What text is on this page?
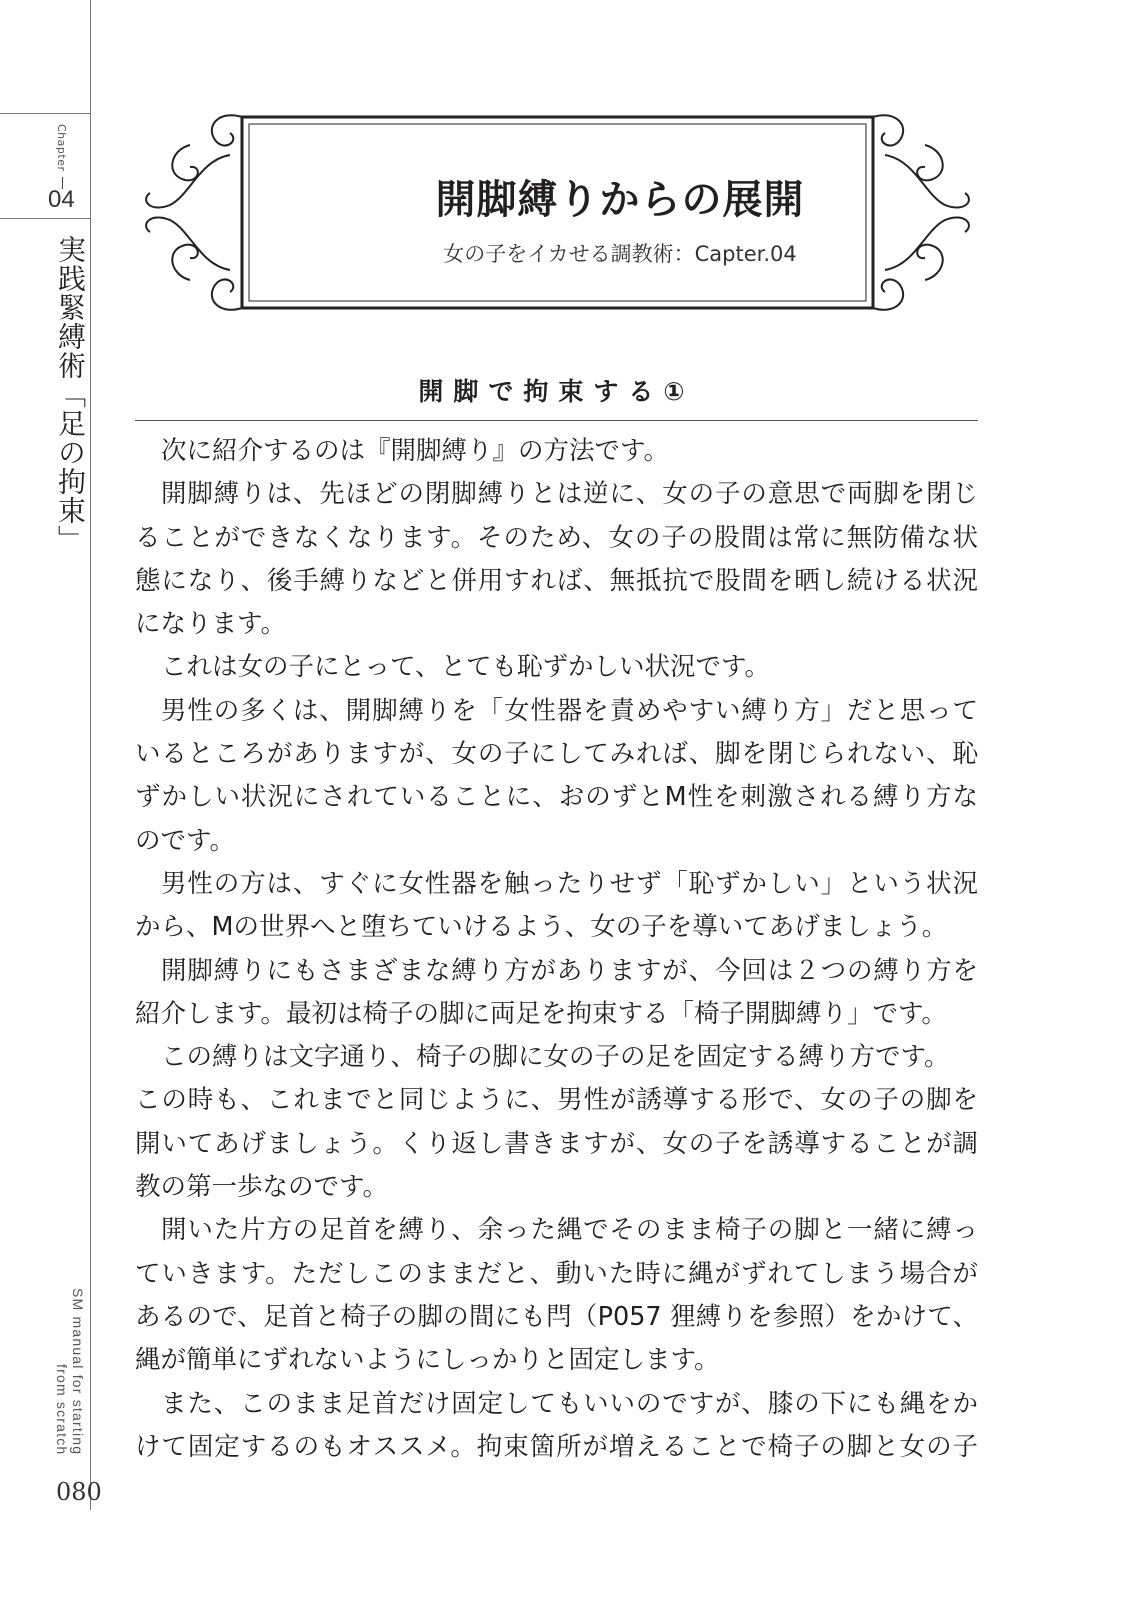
Chapter
04
実践緊縛術「足の拘束」
SM manual for starting from scratch
開脚縛りからの展開
女の子をイカせる調教術：Capter.04
開脚で拘束する①
次に紹介するのは『開脚縛り』の方法です。
開脚縛りは、先ほどの閉脚縛りとは逆に、女の子の意思で両脚を閉じ
ることができなくなります。そのため、女の子の股間は常に無防備な状
態になり、後手縛りなどと併用すれば、無抵抗で股間を晒し続ける状況
になります。
これは女の子にとって、とても恥ずかしい状況です。
男性の多くは、開脚縛りを「女性器を責めやすい縛り方」だと思って
いるところがありますが、女の子にしてみれば、脚を閉じられない、恥
ずかしい状況にされていることに、おのずとM性を刺激される縛り方な
のです。
男性の方は、すぐに女性器を触ったりせず「恥ずかしい」という状況
から、Mの世界へと堕ちていけるよう、女の子を導いてあげましょう。
開脚縛りにもさまざまな縛り方がありますが、今回は２つの縛り方を
紹介します。最初は椅子の脚に両足を拘束する「椅子開脚縛り」です。
この縛りは文字通り、椅子の脚に女の子の足を固定する縛り方です。
この時も、これまでと同じように、男性が誘導する形で、女の子の脚を
開いてあげましょう。くり返し書きますが、女の子を誘導することが調
教の第一歩なのです。
開いた片方の足首を縛り、余った縄でそのまま椅子の脚と一緒に縛っ
ていきます。ただしこのままだと、動いた時に縄がずれてしまう場合が
あるので、足首と椅子の脚の間にも閂（P057 狸縛りを参照）をかけて、
縄が簡単にずれないようにしっかりと固定します。
また、このまま足首だけ固定してもいいのですが、膝の下にも縄をか
けて固定するのもオススメ。拘束箇所が増えることで椅子の脚と女の子
080
